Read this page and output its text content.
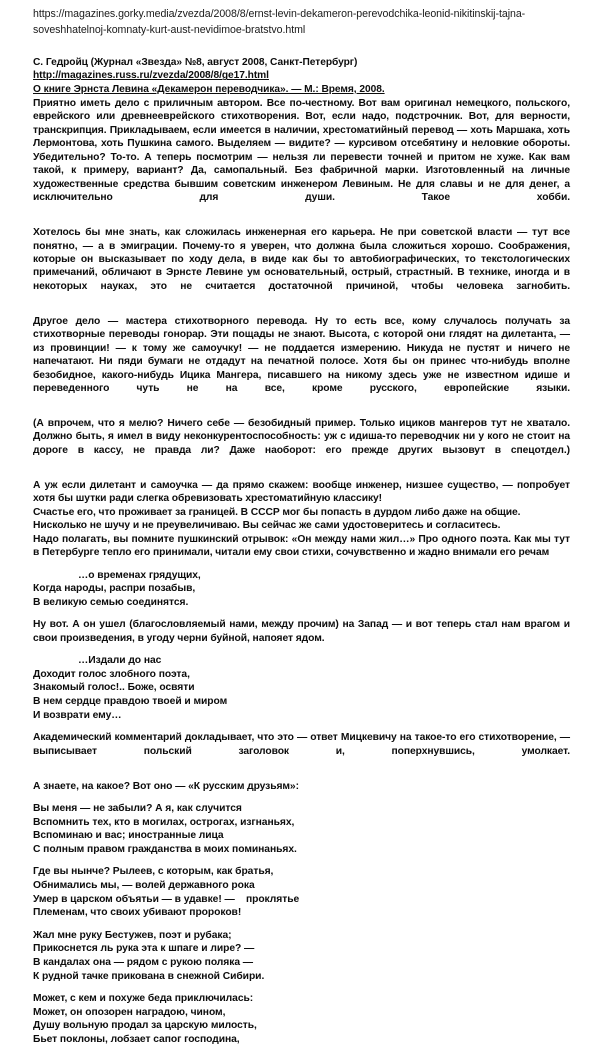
https://magazines.gorky.media/zvezda/2008/8/ernst-levin-dekameron-perevodchika-leonid-nikitinskij-tajna-soveshhatelnoj-komnaty-kurt-aust-nevidimoe-bratstvo.html
С. Гедройц (Журнал «Звезда» №8, август 2008, Санкт-Петербург)
http://magazines.russ.ru/zvezda/2008/8/ge17.html
О книге Эрнста Левина «Декамерон переводчика». — М.: Время, 2008.

Приятно иметь дело с приличным автором. Все по-честному. Вот вам оригинал немецкого, польского, еврейского или древнееврейского стихотворения. Вот, если надо, подстрочник. Вот, для верности, транскрипция. Прикладываем, если имеется в наличии, хрестоматийный перевод — хоть Маршака, хоть Лермонтова, хоть Пушкина самого. Выделяем — видите? — курсивом отсебятину и неловкие обороты. Убедительно? То-то. А теперь посмотрим — нельзя ли перевести точней и притом не хуже. Как вам такой, к примеру, вариант? Да, самопальный. Без фабричной марки. Изготовленный на личные художественные средства бывшим советским инженером Левиным. Не для славы и не для денег, а исключительно для души. Такое хобби.

Хотелось бы мне знать, как сложилась инженерная его карьера. Не при советской власти — тут все понятно, — а в эмиграции. Почему-то я уверен, что должна была сложиться хорошо. Соображения, которые он высказывает по ходу дела, в виде как бы то автобиографических, то текстологических примечаний, обличают в Эрнсте Левине ум основательный, острый, страстный. В технике, иногда и в некоторых науках, это не считается достаточной причиной, чтобы человека загнобить.

Другое дело — мастера стихотворного перевода. Ну то есть все, кому случалось получать за стихотворные переводы гонорар. Эти пощады не знают. Высота, с которой они глядят на дилетанта, — из провинции! — к тому же самоучку! — не поддается измерению. Никуда не пустят и ничего не напечатают. Ни пяди бумаги не отдадут на печатной полосе. Хотя бы он принес что-нибудь вполне безобидное, какого-нибудь Ицика Мангера, писавшего на никому здесь уже не известном идише и переведенного чуть не на все, кроме русского, европейские языки.

(А впрочем, что я мелю? Ничего себе — безобидный пример. Только ициков мангеров тут не хватало. Должно быть, я имел в виду неконкурентоспособность: уж с идиша-то переводчик ни у кого не стоит на дороге в кассу, не правда ли? Даже наоборот: его прежде других вызовут в спецотдел.)

А уж если дилетант и самоучка — да прямо скажем: вообще инженер, низшее существо, — попробует хотя бы шутки ради слегка обревизовать хрестоматийную классику!

Счастье его, что проживает за границей. В СССР мог бы попасть в дурдом либо даже на общие.

Нисколько не шучу и не преувеличиваю. Вы сейчас же сами удостоверитесь и согласитесь.

Надо полагать, вы помните пушкинский отрывок: «Он между нами жил…» Про одного поэта. Как мы тут в Петербурге тепло его принимали, читали ему свои стихи, сочувственно и жадно внимали его речам

…о временах грядущих,
Когда народы, распри позабыв,
В великую семью соединятся.

Ну вот. А он ушел (благословляемый нами, между прочим) на Запад — и вот теперь стал нам врагом и свои произведения, в угоду черни буйной, напояет ядом.

…Издали до нас
Доходит голос злобного поэта,
Знакомый голос!.. Боже, освяти
В нем сердце правдою твоей и миром
И возврати ему…

Академический комментарий докладывает, что это — ответ Мицкевичу на такое-то его стихотворение, — выписывает польский заголовок и, поперхнувшись, умолкает.

А знаете, на какое? Вот оно — «К русским друзьям»:

Вы меня — не забыли? А я, как случится
Вспомнить тех, кто в могилах, острогах, изгнаньях,
Вспоминаю и вас; иностранные лица
С полным правом гражданства в моих поминаньях.
Где вы нынче? Рылеев, с которым, как братья,
Обнимались мы, — волей державного рока
Умер в царском объятьи — в удавке! —    проклятье
Племенам, что своих убивают пророков!
Жал мне руку Бестужев, поэт и рубака;
Прикоснется ль рука эта к шпаге и лире? —
В кандалах она — рядом с рукою поляка —
К рудной тачке прикована в снежной Сибири.
Может, с кем и похуже беда приключилась:
Может, он опозорен наградою, чином,
Душу вольную продал за царскую милость,
Бьет поклоны, лобзает сапог господина,
